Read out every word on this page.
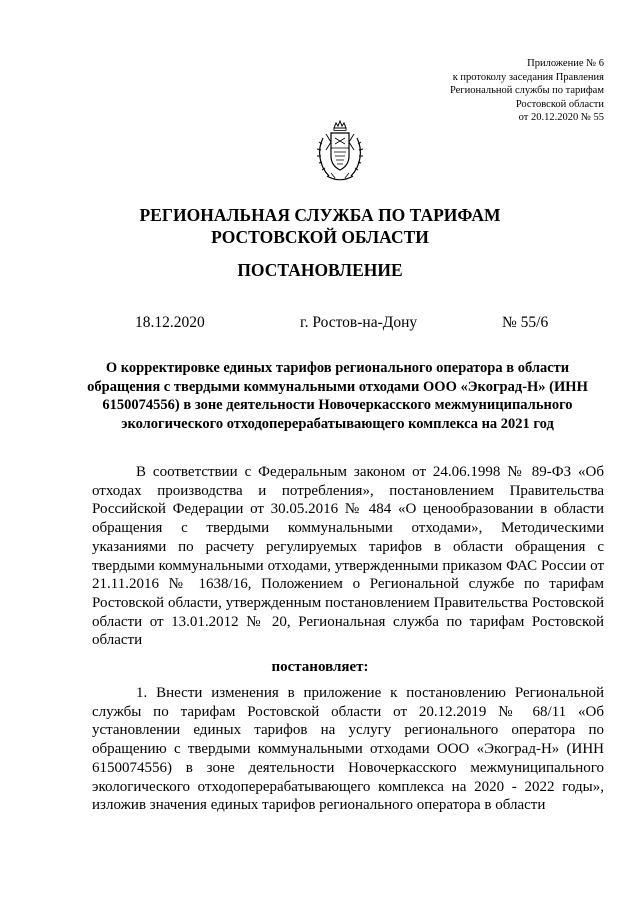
Приложение № 6
к протоколу заседания Правления
Региональной службы по тарифам
Ростовской области
от 20.12.2020 № 55
РЕГИОНАЛЬНАЯ СЛУЖБА ПО ТАРИФАМ
РОСТОВСКОЙ ОБЛАСТИ
ПОСТАНОВЛЕНИЕ
18.12.2020	г. Ростов-на-Дону	№ 55/6
О корректировке единых тарифов регионального оператора в области обращения с твердыми коммунальными отходами ООО «Экоград-Н» (ИНН 6150074556) в зоне деятельности Новочеркасского межмуниципального экологического отходоперерабатывающего комплекса на 2021 год
В соответствии с Федеральным законом от 24.06.1998 № 89-ФЗ «Об отходах производства и потребления», постановлением Правительства Российской Федерации от 30.05.2016 № 484 «О ценообразовании в области обращения с твердыми коммунальными отходами», Методическими указаниями по расчету регулируемых тарифов в области обращения с твердыми коммунальными отходами, утвержденными приказом ФАС России от 21.11.2016 № 1638/16, Положением о Региональной службе по тарифам Ростовской области, утвержденным постановлением Правительства Ростовской области от 13.01.2012 № 20, Региональная служба по тарифам Ростовской области
постановляет:
1. Внести изменения в приложение к постановлению Региональной службы по тарифам Ростовской области от 20.12.2019 № 68/11 «Об установлении единых тарифов на услугу регионального оператора по обращению с твердыми коммунальными отходами ООО «Экоград-Н» (ИНН 6150074556) в зоне деятельности Новочеркасского межмуниципального экологического отходоперерабатывающего комплекса на 2020 - 2022 годы», изложив значения единых тарифов регионального оператора в области
